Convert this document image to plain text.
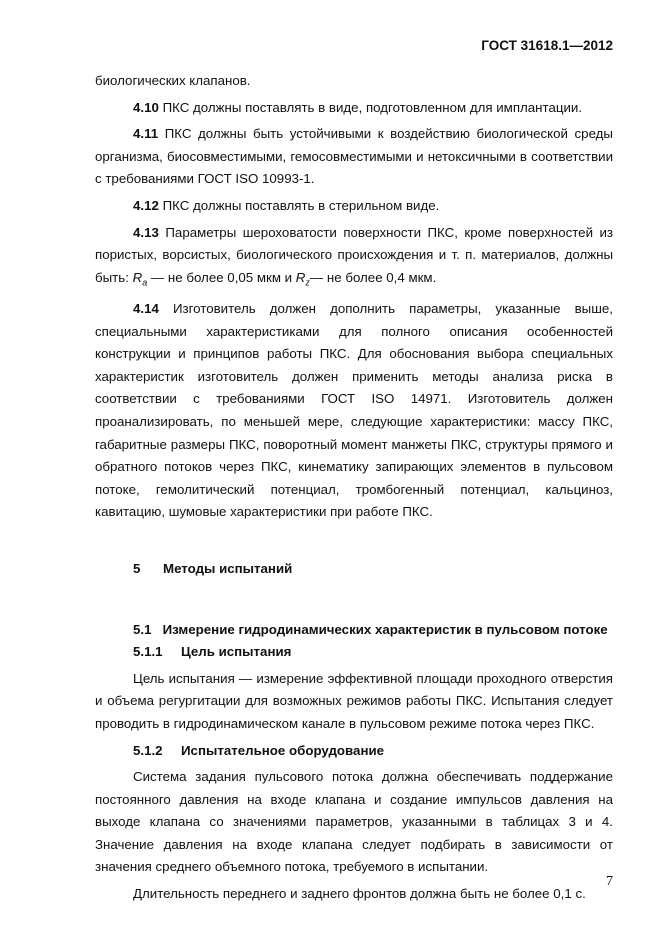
ГОСТ 31618.1—2012

биологических клапанов.

4.10 ПКС должны поставлять в виде, подготовленном для имплантации.

4.11 ПКС должны быть устойчивыми к воздействию биологической среды организма, биосовместимыми, гемосовместимыми и нетоксичными в соответствии с требованиями ГОСТ ISO 10993-1.

4.12 ПКС должны поставлять в стерильном виде.

4.13 Параметры шероховатости поверхности ПКС, кроме поверхностей из пористых, ворсистых, биологического происхождения и т. п. материалов, должны быть: $R_a$ — не более 0,05 мкм и $R_z—$ не более 0,4 мкм.

4.14 Изготовитель должен дополнить параметры, указанные выше, специальными характеристиками для полного описания особенностей конструкции и принципов работы ПКС. Для обоснования выбора специальных характеристик изготовитель должен применить методы анализа риска в соответствии с требованиями ГОСТ ISO 14971. Изготовитель должен проанализировать, по меньшей мере, следующие характеристики: массу ПКС, габаритные размеры ПКС, поворотный момент манжеты ПКС, структуры прямого и обратного потоков через ПКС, кинематику запирающих элементов в пульсовом потоке, гемолитический потенциал, тромбогенный потенциал, кальциноз, кавитацию, шумовые характеристики при работе ПКС.

5 Методы испытаний

5.1 Измерение гидродинамических характеристик в пульсовом потоке

5.1.1 Цель испытания

Цель испытания — измерение эффективной площади проходного отверстия и объема регургитации для возможных режимов работы ПКС. Испытания следует проводить в гидродинамическом канале в пульсовом режиме потока через ПКС.

5.1.2 Испытательное оборудование

Система задания пульсового потока должна обеспечивать поддержание постоянного давления на входе клапана и создание импульсов давления на выходе клапана со значениями параметров, указанными в таблицах 3 и 4. Значение давления на входе клапана следует подбирать в зависимости от значения среднего объемного потока, требуемого в испытании.

Длительность переднего и заднего фронтов должна быть не более 0,1 с.

7
